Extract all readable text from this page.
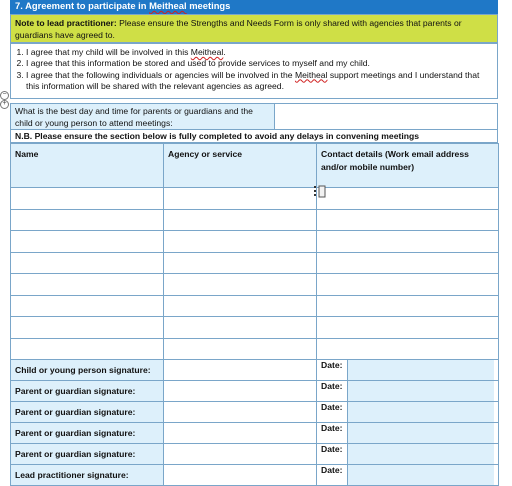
7. Agreement to participate in Meitheal meetings
Note to lead practitioner: Please ensure the Strengths and Needs Form is only shared with agencies that parents or guardians have agreed to.
1. I agree that my child will be involved in this Meitheal.
2. I agree that this information be stored and used to provide services to myself and my child.
3. I agree that the following individuals or agencies will be involved in the Meitheal support meetings and I understand that this information will be shared with the relevant agencies as agreed.
−
+
What is the best day and time for parents or guardians and the child or young person to attend meetings:
N.B. Please ensure the section below is fully completed to avoid any delays in convening meetings
Name	Agency or service	Contact details (Work email address and/or mobile number)

Child or young person signature:		Date:

Parent or guardian signature:		Date:

Parent or guardian signature:		Date:

Parent or guardian signature:		Date:

Parent or guardian signature:		Date:

Lead practitioner signature:		Date:
